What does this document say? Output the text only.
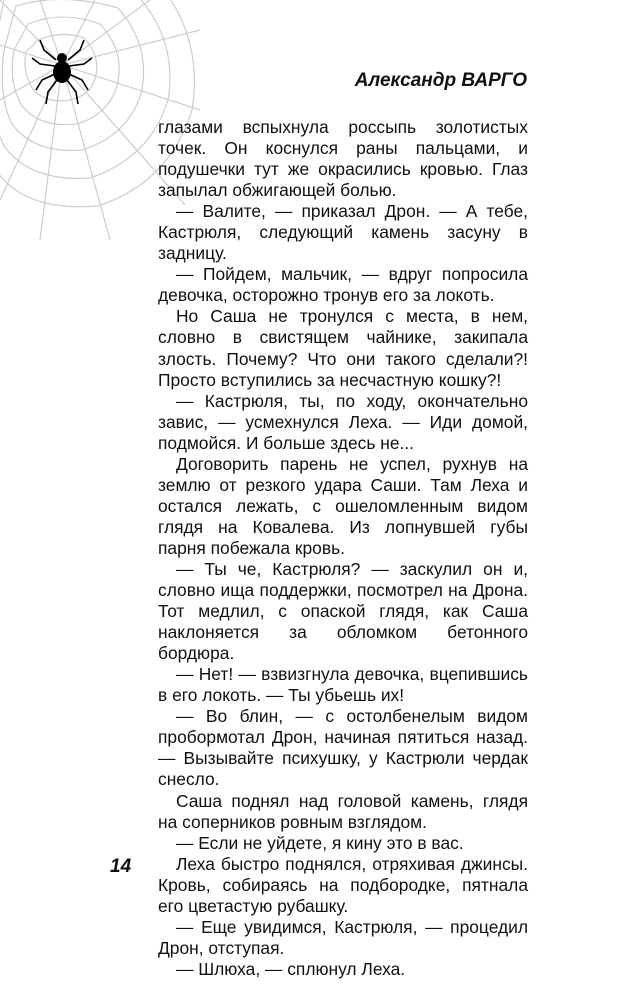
Александр ВАРГО

глазами вспыхнула россыпь золотистых точек. Он коснулся раны пальцами, и подушечки тут же окрасились кровью. Глаз запылал обжигающей болью.

— Валите, — приказал Дрон. — А тебе, Кастрюля, следующий камень засуну в задницу.

— Пойдем, мальчик, — вдруг попросила девочка, осторожно тронув его за локоть.

Но Саша не тронулся с места, в нем, словно в свистящем чайнике, закипала злость. Почему? Что они такого сделали?! Просто вступились за несчастную кошку?!

— Кастрюля, ты, по ходу, окончательно завис, — усмехнулся Леха. — Иди домой, подмойся. И больше здесь не...

Договорить парень не успел, рухнув на землю от резкого удара Саши. Там Леха и остался лежать, с ошеломленным видом глядя на Ковалева. Из лопнувшей губы парня побежала кровь.

— Ты че, Кастрюля? — заскулил он и, словно ища поддержки, посмотрел на Дрона. Тот медлил, с опаской глядя, как Саша наклоняется за обломком бетонного бордюра.

— Нет! — взвизгнула девочка, вцепившись в его локоть. — Ты убьешь их!

— Во блин, — с остолбенелым видом пробормотал Дрон, начиная пятиться назад. — Вызывайте психушку, у Кастрюли чердак снесло.

Саша поднял над головой камень, глядя на соперников ровным взглядом.

— Если не уйдете, я кину это в вас.

Леха быстро поднялся, отряхивая джинсы. Кровь, собираясь на подбородке, пятнала его цветастую рубашку.

— Еще увидимся, Кастрюля, — процедил Дрон, отступая.

— Шлюха, — сплюнул Леха.

14
